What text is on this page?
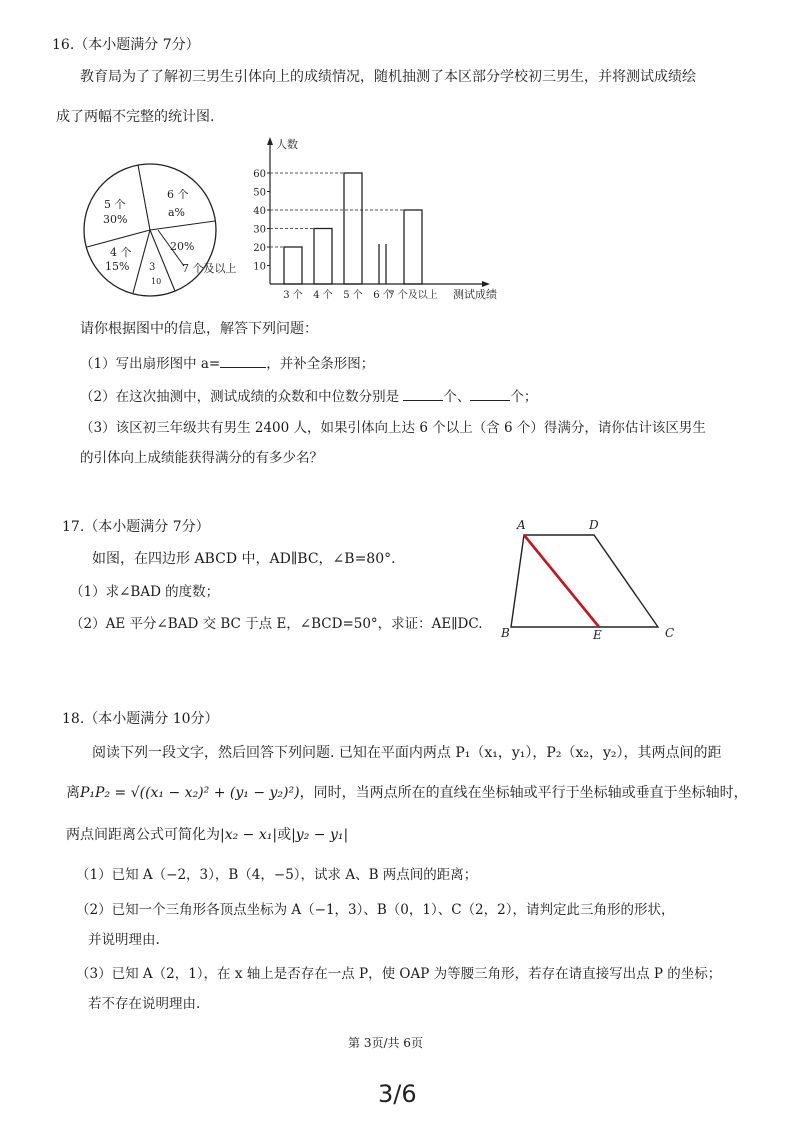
16.（本小题满分 7分）
教育局为了了解初三男生引体向上的成绩情况，随机抽测了本区部分学校初三男生，并将测试成绩绘
成了两幅不完整的统计图.
5 个
30%
6 个
a%
20%
4 个
15% 3
10
7 个及以上
人数
10
20
30
40
50
60
3 个 4 个 5 个 6 个
7 个及以上 测试成绩
请你根据图中的信息，解答下列问题：
（1）写出扇形图中 a=	，并补全条形图；
（2）在这次抽测中，测试成绩的众数和中位数分别是	个、	个；
（3）该区初三年级共有男生 2400 人，如果引体向上达 6 个以上（含 6 个）得满分，请你估计该区男生
的引体向上成绩能获得满分的有多少名？
17.（本小题满分 7分）
如图，在四边形 ABCD 中，AD∥BC，∠B=80°.
（1）求∠BAD 的度数；
（2）AE 平分∠BAD 交 BC 于点 E，∠BCD=50°，求证：AE∥DC.
A	D
B	E	C
18.（本小题满分 10分）
阅读下列一段文字，然后回答下列问题. 已知在平面内两点 P₁（x₁，y₁），P₂（x₂，y₂），其两点间的距
离P₁P₂ = √((x₁ − x₂)² + (y₁ − y₂)²)，同时，当两点所在的直线在坐标轴或平行于坐标轴或垂直于坐标轴时，
两点间距离公式可简化为|x₂ − x₁|或|y₂ − y₁|
（1）已知 A（−2，3），B（4，−5），试求 A、B 两点间的距离；
（2）已知一个三角形各顶点坐标为 A（−1，3）、B（0，1）、C（2，2），请判定此三角形的形状，
并说明理由.
（3）已知 A（2，1），在 x 轴上是否存在一点 P，使 OAP 为等腰三角形，若存在请直接写出点 P 的坐标；
若不存在说明理由.
第 3页/共 6页
3/6
